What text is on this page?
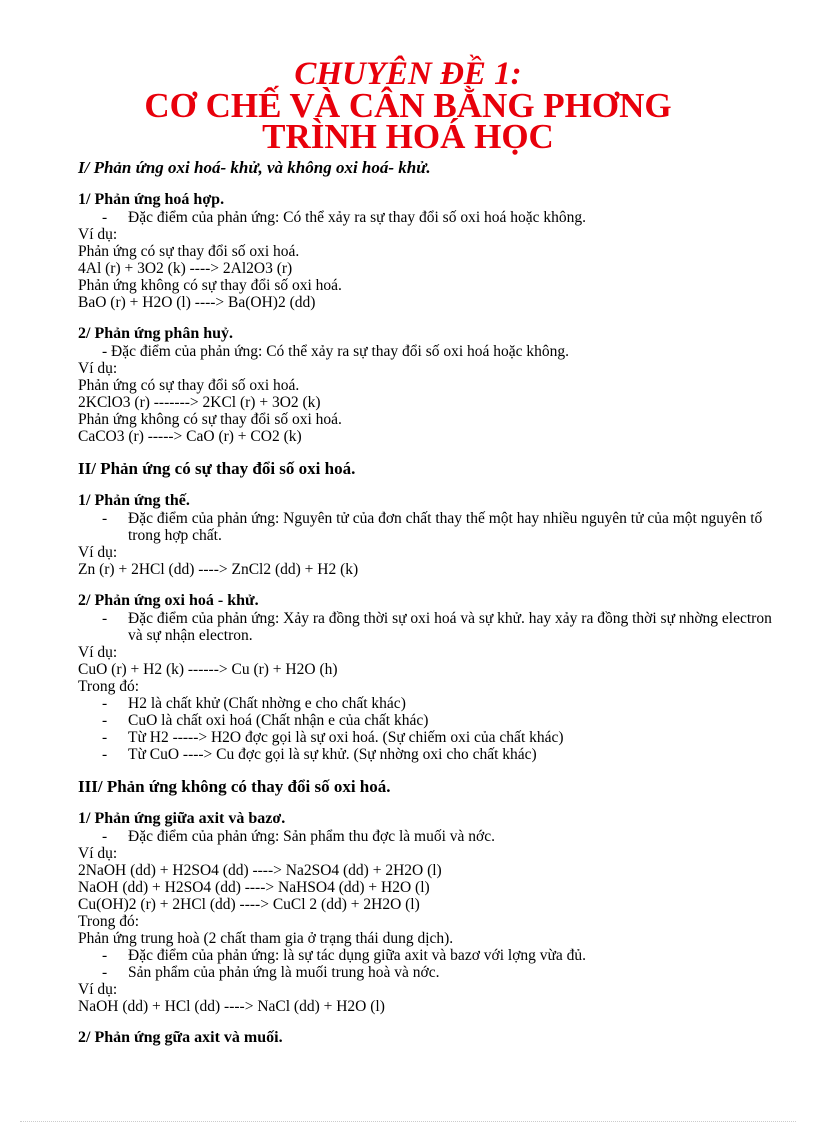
CHUYÊN ĐỀ 1:
CƠ CHẾ VÀ CÂN BẰNG PHƠNG
TRÌNH HOÁ HỌC
I/ Phản ứng oxi hoá- khử, và không oxi hoá- khử.
1/ Phản ứng hoá hợp.
- Đặc điểm của phản ứng: Có thể xảy ra sự thay đổi số oxi hoá hoặc không.
Ví dụ:
Phản ứng có sự thay đổi số oxi hoá.
4Al (r) + 3O2 (k) ----> 2Al2O3 (r)
Phản ứng không có sự thay đổi số oxi hoá.
BaO (r) + H2O (l) ----> Ba(OH)2 (dd)
2/ Phản ứng phân huỷ.
- Đặc điểm của phản ứng: Có thể xảy ra sự thay đổi số oxi hoá hoặc không.
Ví dụ:
Phản ứng có sự thay đổi số oxi hoá.
2KClO3 (r) -------> 2KCl (r) + 3O2 (k)
Phản ứng không có sự thay đổi số oxi hoá.
CaCO3 (r) -----> CaO (r) + CO2 (k)
II/ Phản ứng có sự thay đổi số oxi hoá.
1/ Phản ứng thế.
- Đặc điểm của phản ứng: Nguyên tử của đơn chất thay thế một hay nhiều nguyên tử của một nguyên tố trong hợp chất.
Ví dụ:
Zn (r) + 2HCl (dd) ----> ZnCl2 (dd) + H2 (k)
2/ Phản ứng oxi hoá - khử.
- Đặc điểm của phản ứng: Xảy ra đồng thời sự oxi hoá và sự khử. hay xảy ra đồng thời sự nhờng electron và sự nhận electron.
Ví dụ:
CuO (r) + H2 (k) ------> Cu (r) + H2O (h)
Trong đó:
- H2 là chất khử (Chất nhờng e cho chất khác)
- CuO là chất oxi hoá (Chất nhận e của chất khác)
- Từ H2 -----> H2O đợc gọi là sự oxi hoá. (Sự chiếm oxi của chất khác)
- Từ CuO ----> Cu đợc gọi là sự khử. (Sự nhờng oxi cho chất khác)
III/ Phản ứng không có thay đổi số oxi hoá.
1/ Phản ứng giữa axit và bazơ.
- Đặc điểm của phản ứng: Sản phẩm thu đợc là muối và nớc.
Ví dụ:
2NaOH (dd) + H2SO4 (dd) ----> Na2SO4 (dd) + 2H2O (l)
NaOH (dd) + H2SO4 (dd) ----> NaHSO4 (dd) + H2O (l)
Cu(OH)2 (r) + 2HCl (dd) ----> CuCl 2 (dd) + 2H2O (l)
Trong đó:
Phản ứng trung hoà (2 chất tham gia ở trạng thái dung dịch).
- Đặc điểm của phản ứng: là sự tác dụng giữa axit và bazơ với lợng vừa đủ.
- Sản phẩm của phản ứng là muối trung hoà và nớc.
Ví dụ:
NaOH (dd) + HCl (dd) ----> NaCl (dd) + H2O (l)
2/ Phản ứng gữa axit và muối.
